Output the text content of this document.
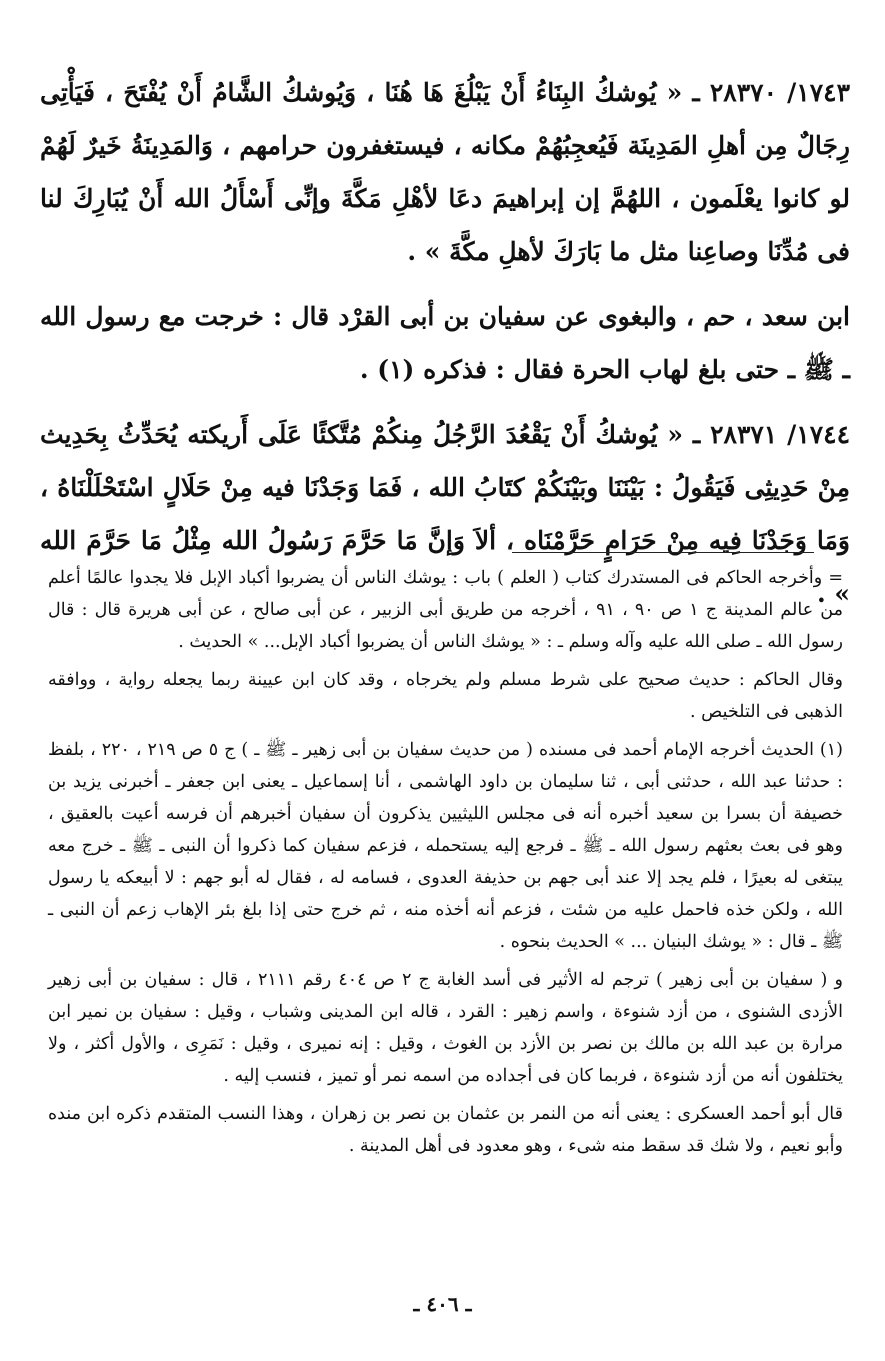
١٧٤٣/ ٢٨٣٧٠ ـ « يُوشكُ البِنَاءُ أَنْ يَبْلُغَ هَا هُنَا ، وَيُوشكُ الشَّامُ أَنْ يُفْتَحَ ، فَيَأْتِى رِجَالٌ مِن أهلِ المَدِينَة فَيُعجِبُهُمْ مكانه ، فيستغفرون حرامهم ، وَالمَدِينَةُ خَيرٌ لَهُمْ لو كانوا يعْلَمون ، اللهُمَّ إن إبراهيمَ دعَا لأهْلِ مَكَّةَ وإنِّى أَسْأَلُ الله أَنْ يُبَارِكَ لنا فى مُدِّنَا وصاعِنا مثل ما بَارَكَ لأهلِ مكَّةَ » .

ابن سعد ، حم ، والبغوى عن سفيان بن أبى القرْد قال : خرجت مع رسول الله ـ ﷺ ـ حتى بلغ لهاب الحرة فقال : فذكره (١) .

١٧٤٤/ ٢٨٣٧١ ـ « يُوشكُ أَنْ يَقْعُدَ الرَّجُلُ مِنكُمْ مُتَّكئًا عَلَى أَريكته يُحَدِّثُ بِحَدِيث مِنْ حَدِيثِى فَيَقُولُ : بَيْنَنَا وبَيْنَكُمْ كتَابُ الله ، فَمَا وَجَدْنَا فيه مِنْ حَلَالٍ اسْتَحْلَلْنَاهُ ، وَمَا وَجَدْنَا فِيه مِنْ حَرَامٍ حَرَّمْنَاه ، ألاَ وَإنَّ مَا حَرَّمَ رَسُولُ الله مِثْلُ مَا حَرَّمَ الله » .

= وأخرجه الحاكم فى المستدرك كتاب ( العلم ) باب : يوشك الناس أن يضربوا أكباد الإبل فلا يجدوا عالمًا أعلم من عالم المدينة ج ١ ص ٩٠ ، ٩١ ، أخرجه من طريق أبى الزبير ، عن أبى صالح ، عن أبى هريرة قال : قال رسول الله ـ صلى الله عليه وآله وسلم ـ : « يوشك الناس أن يضربوا أكباد الإبل... » الحديث .

وقال الحاكم : حديث صحيح على شرط مسلم ولم يخرجاه ، وقد كان ابن عيينة ربما يجعله رواية ، ووافقه الذهبى فى التلخيص .

(١) الحديث أخرجه الإمام أحمد فى مسنده ( من حديث سفيان بن أبى زهير ـ ﷺ ـ ) ج ٥ ص ٢١٩ ، ٢٢٠ ، بلفظ : حدثنا عبد الله ، حدثنى أبى ، ثنا سليمان بن داود الهاشمى ، أنا إسماعيل ـ يعنى ابن جعفر ـ أخبرنى يزيد بن خصيفة أن بسرا بن سعيد أخبره أنه فى مجلس الليثيين يذكرون أن سفيان أخبرهم أن فرسه أعيت بالعقيق ، وهو فى بعث بعثهم رسول الله ـ ﷺ ـ فرجع إليه يستحمله ، فزعم سفيان كما ذكروا أن النبى ـ ﷺ ـ خرج معه يبتغى له بعيرًا ، فلم يجد إلا عند أبى جهم بن حذيفة العدوى ، فسامه له ، فقال له أبو جهم : لا أبيعكه يا رسول الله ، ولكن خذه فاحمل عليه من شئت ، فزعم أنه أخذه منه ، ثم خرج حتى إذا بلغ بئر الإهاب زعم أن النبى ـ ﷺ ـ قال : « يوشك البنيان ... » الحديث بنحوه .

و ( سفيان بن أبى زهير ) ترجم له الأثير فى أسد الغابة ج ٢ ص ٤٠٤ رقم ٢١١١ ، قال : سفيان بن أبى زهير الأزدى الشنوى ، من أزد شنوءة ، واسم زهير : القرد ، قاله ابن المدينى وشباب ، وقيل : سفيان بن نمير ابن مرارة بن عبد الله بن مالك بن نصر بن الأزد بن الغوث ، وقيل : إنه نميرى ، وقيل : نَمَرِى ، والأول أكثر ، ولا يختلفون أنه من أزد شنوءة ، فربما كان فى أجداده من اسمه نمر أو تميز ، فنسب إليه .

قال أبو أحمد العسكرى : يعنى أنه من النمر بن عثمان بن نصر بن زهران ، وهذا النسب المتقدم ذكره ابن منده وأبو نعيم ، ولا شك قد سقط منه شىء ، وهو معدود فى أهل المدينة .

ـ ٤٠٦ ـ
